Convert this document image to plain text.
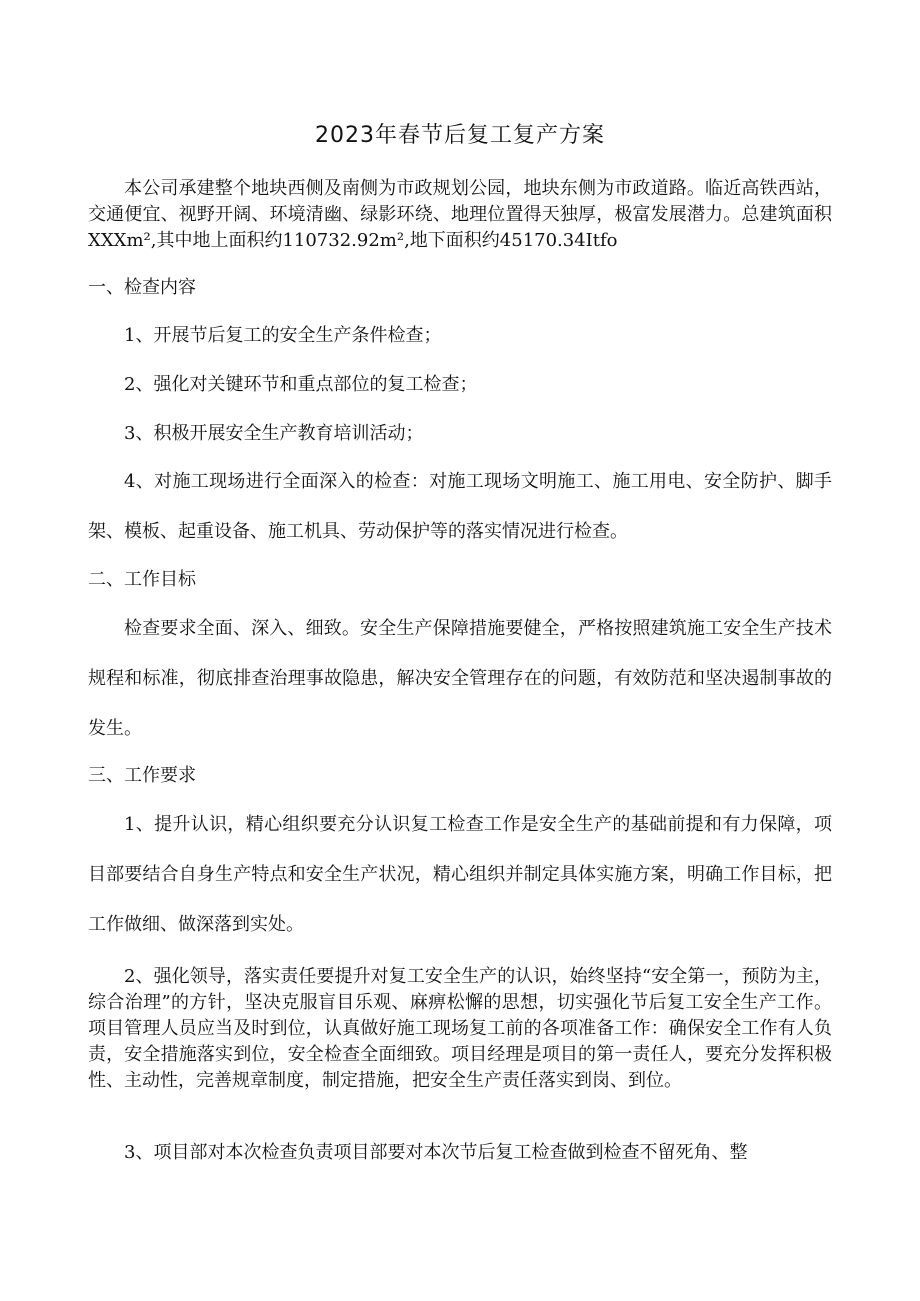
2023年春节后复工复产方案

本公司承建整个地块西侧及南侧为市政规划公园，地块东侧为市政道路。临近高铁西站，交通便宜、视野开阔、环境清幽、绿影环绕、地理位置得天独厚，极富发展潜力。总建筑面积XXXm²,其中地上面积约110732.92m²,地下面积约45170.34Itfo

一、检查内容

1、开展节后复工的安全生产条件检查；

2、强化对关键环节和重点部位的复工检查；

3、积极开展安全生产教育培训活动；

4、对施工现场进行全面深入的检查：对施工现场文明施工、施工用电、安全防护、脚手架、模板、起重设备、施工机具、劳动保护等的落实情况进行检查。

二、工作目标

检查要求全面、深入、细致。安全生产保障措施要健全，严格按照建筑施工安全生产技术规程和标准，彻底排查治理事故隐患，解决安全管理存在的问题，有效防范和坚决遏制事故的发生。

三、工作要求

1、提升认识，精心组织要充分认识复工检查工作是安全生产的基础前提和有力保障，项目部要结合自身生产特点和安全生产状况，精心组织并制定具体实施方案，明确工作目标，把工作做细、做深落到实处。

2、强化领导，落实责任要提升对复工安全生产的认识，始终坚持“安全第一，预防为主，综合治理”的方针，坚决克服盲目乐观、麻痹松懈的思想，切实强化节后复工安全生产工作。项目管理人员应当及时到位，认真做好施工现场复工前的各项准备工作：确保安全工作有人负责，安全措施落实到位，安全检查全面细致。项目经理是项目的第一责任人，要充分发挥积极性、主动性，完善规章制度，制定措施，把安全生产责任落实到岗、到位。

3、项目部对本次检查负责项目部要对本次节后复工检查做到检查不留死角、整
